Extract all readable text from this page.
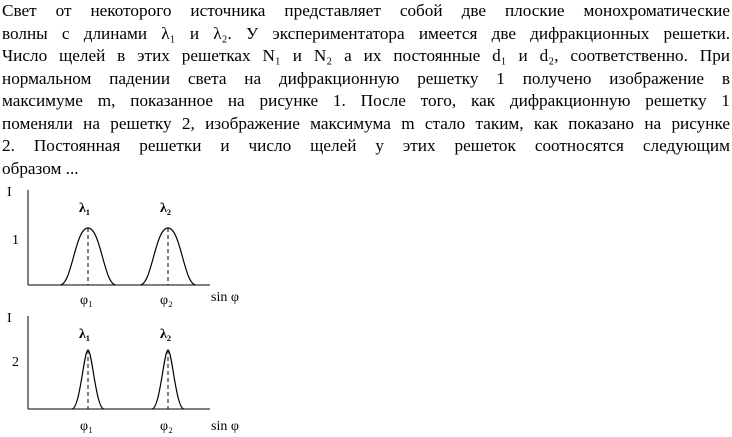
Свет от некоторого источника представляет собой две плоские монохроматические
волны с длинами λ₁ и λ₂. У экспериментатора имеется две дифракционных решетки.
Число щелей в этих решетках N₁ и N₂ а их постоянные d₁ и d₂, соответственно. При
нормальном падении света на дифракционную решетку 1 получено изображение в
максимуме m, показанное на рисунке 1. После того, как дифракционную решетку 1
поменяли на решетку 2, изображение максимума m стало таким, как показано на рисунке
2. Постоянная решетки и число щелей у этих решеток соотносятся следующим
образом ...
I
1
sin φ
λ₁
φ₁
λ₂
φ₂
I
2
sin φ
λ₁
φ₁
λ₂
φ₂
